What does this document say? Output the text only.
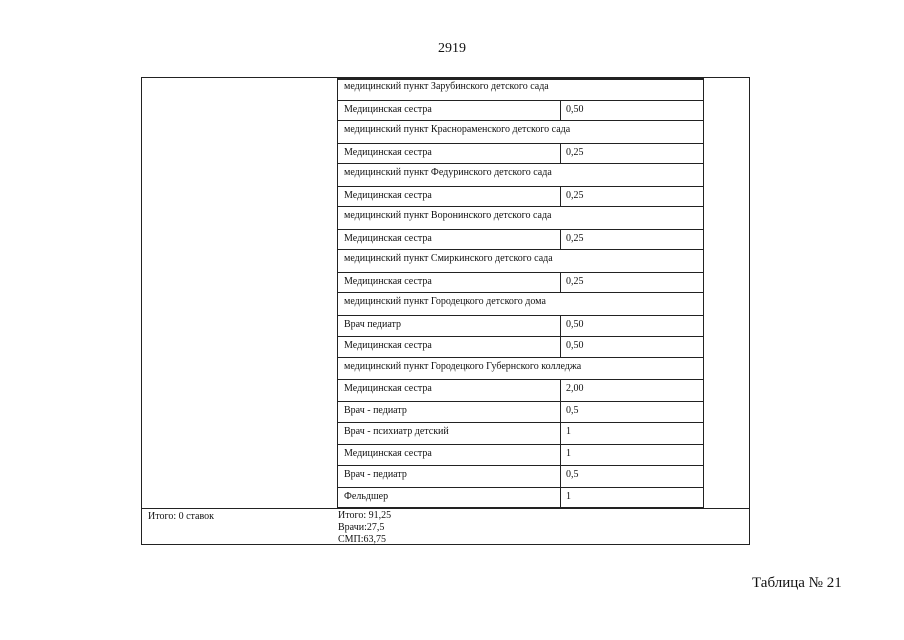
2919
медицинский пункт Зарубинского детского сада
Медицинская сестра	0,50
медицинский пункт Краснораменского детского сада
Медицинская сестра	0,25
медицинский пункт Федуринского детского сада
Медицинская сестра	0,25
медицинский пункт Воронинского детского сада
Медицинская сестра	0,25
медицинский пункт Смиркинского детского сада
Медицинская сестра	0,25
медицинский пункт Городецкого детского дома
Врач педиатр	0,50
Медицинская сестра	0,50
медицинский пункт Городецкого Губернского колледжа
Медицинская сестра	2,00
Врач - педиатр	0,5
Врач - психиатр детский	1
Медицинская сестра	1
Врач - педиатр	0,5
Фельдшер	1
Итого: 0 ставок	Итого: 91,25
Врачи:27,5
СМП:63,75
Таблица № 21
